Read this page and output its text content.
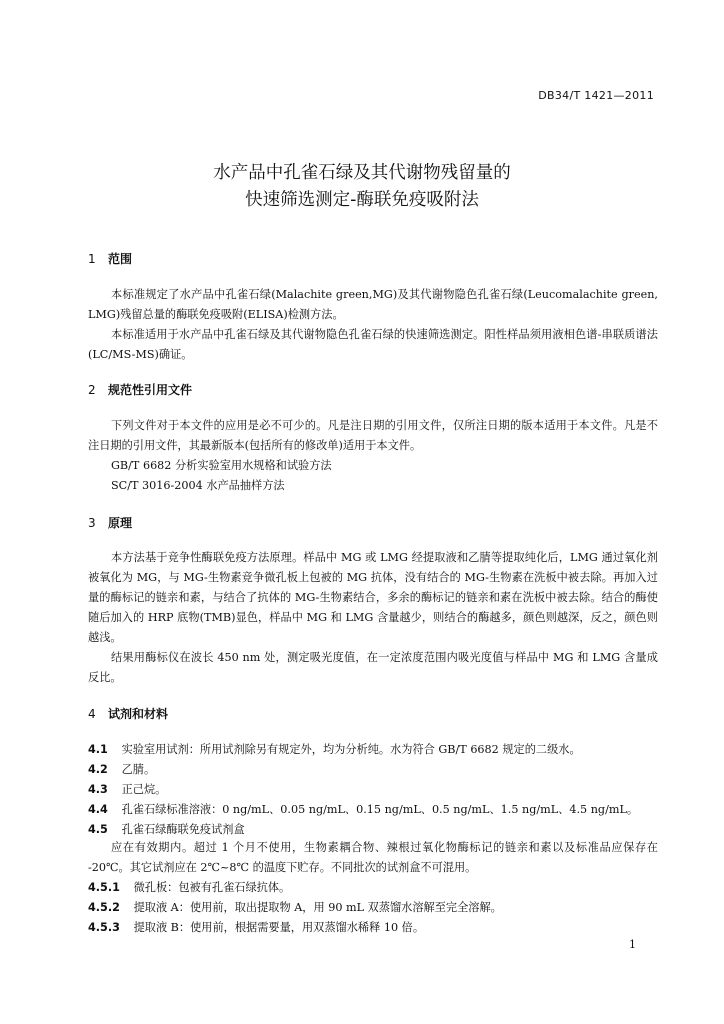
DB34/T 1421—2011
水产品中孔雀石绿及其代谢物残留量的
快速筛选测定-酶联免疫吸附法
1 范围
本标准规定了水产品中孔雀石绿(Malachite green,MG)及其代谢物隐色孔雀石绿(Leucomalachite green, LMG)残留总量的酶联免疫吸附(ELISA)检测方法。
本标准适用于水产品中孔雀石绿及其代谢物隐色孔雀石绿的快速筛选测定。阳性样品须用液相色谱-串联质谱法(LC/MS-MS)确证。
2 规范性引用文件
下列文件对于本文件的应用是必不可少的。凡是注日期的引用文件，仅所注日期的版本适用于本文件。凡是不注日期的引用文件，其最新版本(包括所有的修改单)适用于本文件。
GB/T 6682 分析实验室用水规格和试验方法
SC/T 3016-2004 水产品抽样方法
3 原理
本方法基于竞争性酶联免疫方法原理。样品中 MG 或 LMG 经提取液和乙腈等提取纯化后，LMG 通过氧化剂被氧化为 MG，与 MG-生物素竞争微孔板上包被的 MG 抗体，没有结合的 MG-生物素在洗板中被去除。再加入过量的酶标记的链亲和素，与结合了抗体的 MG-生物素结合，多余的酶标记的链亲和素在洗板中被去除。结合的酶使随后加入的 HRP 底物(TMB)显色，样品中 MG 和 LMG 含量越少，则结合的酶越多，颜色则越深，反之，颜色则越浅。
结果用酶标仪在波长 450 nm 处，测定吸光度值，在一定浓度范围内吸光度值与样品中 MG 和 LMG 含量成反比。
4 试剂和材料
4.1 实验室用试剂：所用试剂除另有规定外，均为分析纯。水为符合 GB/T 6682 规定的二级水。
4.2 乙腈。
4.3 正己烷。
4.4 孔雀石绿标准溶液：0 ng/mL、0.05 ng/mL、0.15 ng/mL、0.5 ng/mL、1.5 ng/mL、4.5 ng/mL。
4.5 孔雀石绿酶联免疫试剂盒
应在有效期内。超过 1 个月不使用，生物素耦合物、辣根过氧化物酶标记的链亲和素以及标准品应保存在 -20℃。其它试剂应在 2℃~8℃ 的温度下贮存。不同批次的试剂盒不可混用。
4.5.1 微孔板：包被有孔雀石绿抗体。
4.5.2 提取液 A：使用前，取出提取物 A，用 90 mL 双蒸馏水溶解至完全溶解。
4.5.3 提取液 B：使用前，根据需要量，用双蒸馏水稀释 10 倍。
1
